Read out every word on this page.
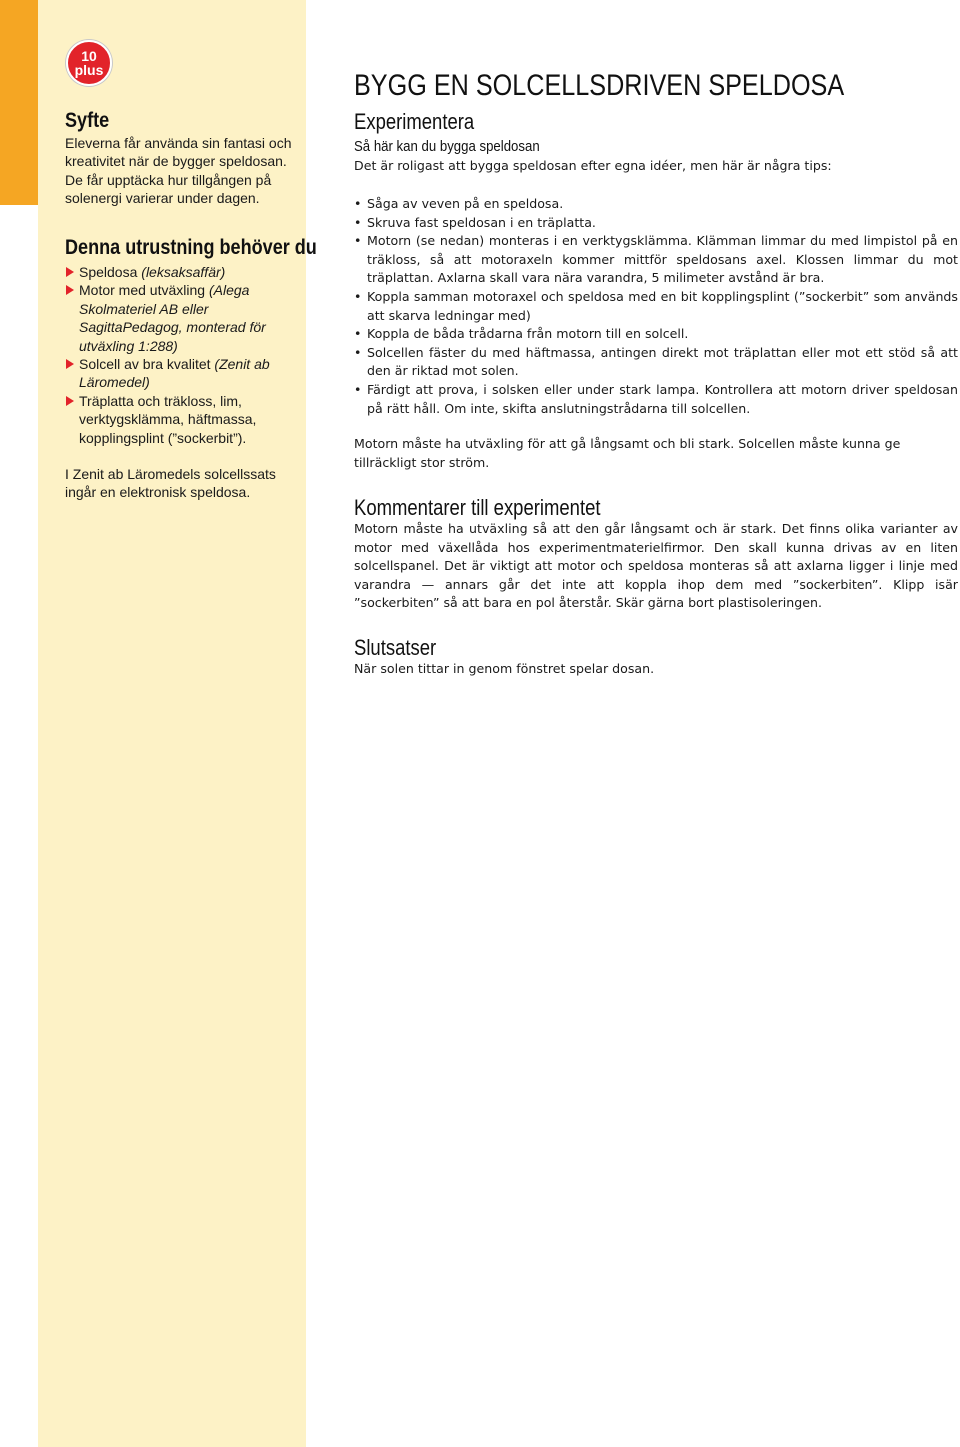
10
plus
Syfte

Eleverna får använda sin fantasi och kreativitet när de bygger speldosan. De får upptäcka hur tillgången på solenergi varierar under dagen.

Denna utrustning behöver du
Speldosa (leksaksaffär)
Motor med utväxling (Alega Skolmateriel AB eller SagittaPedagog, monterad för utväxling 1:288)
Solcell av bra kvalitet (Zenit ab Läromedel)
Träplatta och träkloss, lim, verktygsklämma, häftmassa, kopplingsplint (”sockerbit”).

I Zenit ab Läromedels solcellssats ingår en elektronisk speldosa.

BYGG EN SOLCELLSDRIVEN SPELDOSA
Experimentera
Så här kan du bygga speldosan

Det är roligast att bygga speldosan efter egna idéer, men här är några tips:

• Såga av veven på en speldosa.
• Skruva fast speldosan i en träplatta.
• Motorn (se nedan) monteras i en verktygsklämma. Klämman limmar du med limpistol på en träkloss, så att motoraxeln kommer mittför speldosans axel. Klossen limmar du mot träplattan. Axlarna skall vara nära varandra, 5 milimeter avstånd är bra.
• Koppla samman motoraxel och speldosa med en bit kopplingsplint (”sockerbit” som används att skarva ledningar med)
• Koppla de båda trådarna från motorn till en solcell.
• Solcellen fäster du med häftmassa, antingen direkt mot träplattan eller mot ett stöd så att den är riktad mot solen.
• Färdigt att prova, i solsken eller under stark lampa. Kontrollera att motorn driver speldosan på rätt håll. Om inte, skifta anslutningstrådarna till solcellen.

Motorn måste ha utväxling för att gå långsamt och bli stark. Solcellen måste kunna ge tillräckligt stor ström.

Kommentarer till experimentet

Motorn måste ha utväxling så att den går långsamt och är stark. Det finns olika varianter av motor med växellåda hos experimentmaterielfirmor. Den skall kunna drivas av en liten solcellspanel. Det är viktigt att motor och speldosa monteras så att axlarna ligger i linje med varandra — annars går det inte att koppla ihop dem med ”sockerbiten”. Klipp isär ”sockerbiten” så att bara en pol återstår. Skär gärna bort plastisoleringen.

Slutsatser

När solen tittar in genom fönstret spelar dosan.
